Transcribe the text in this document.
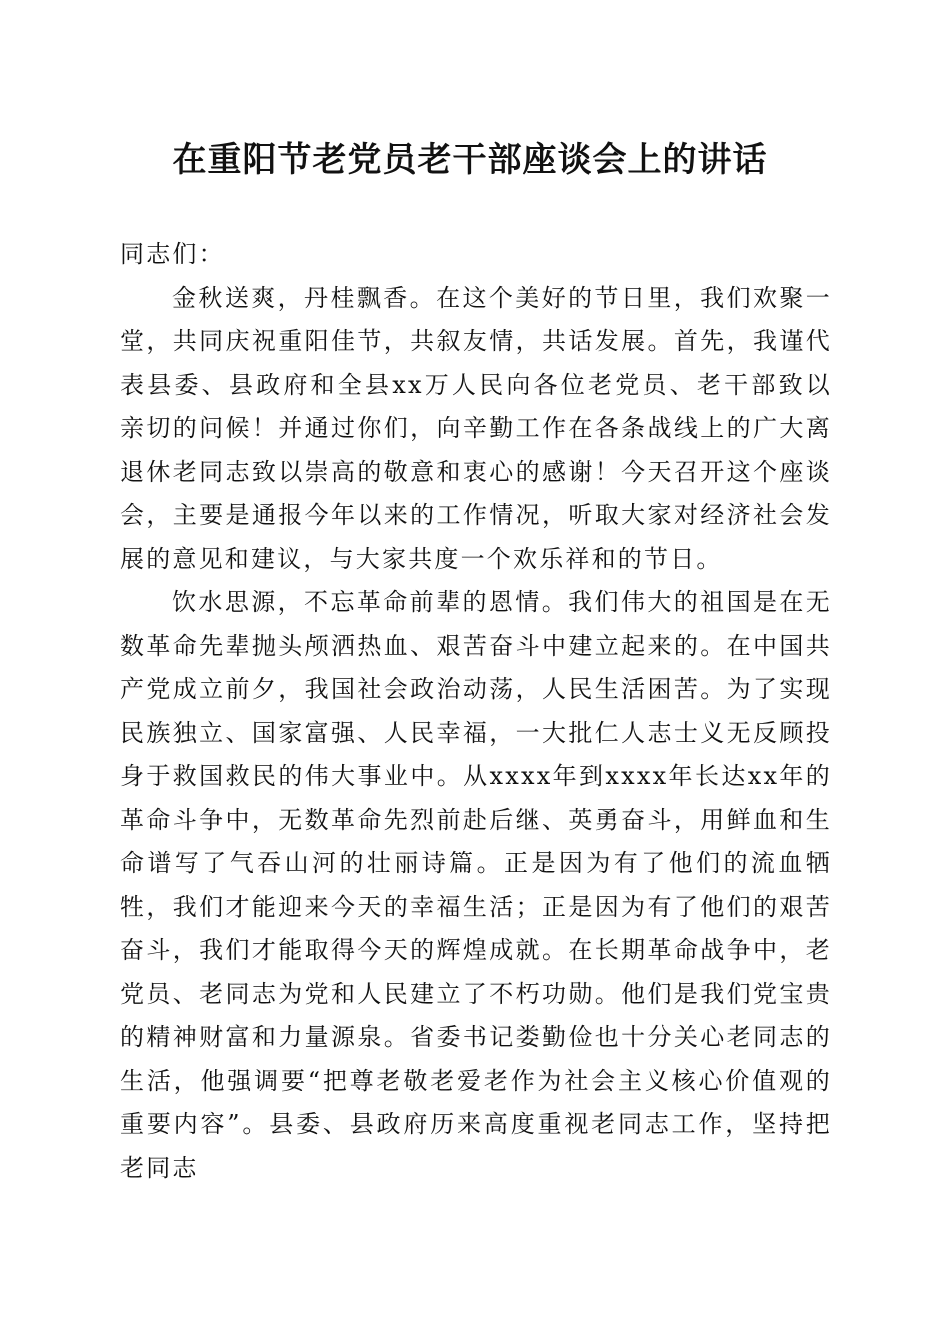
在重阳节老党员老干部座谈会上的讲话

同志们：

金秋送爽，丹桂飘香。在这个美好的节日里，我们欢聚一堂，共同庆祝重阳佳节，共叙友情，共话发展。首先，我谨代表县委、县政府和全县xx万人民向各位老党员、老干部致以亲切的问候！并通过你们，向辛勤工作在各条战线上的广大离退休老同志致以崇高的敬意和衷心的感谢！今天召开这个座谈会，主要是通报今年以来的工作情况，听取大家对经济社会发展的意见和建议，与大家共度一个欢乐祥和的节日。

饮水思源，不忘革命前辈的恩情。我们伟大的祖国是在无数革命先辈抛头颅洒热血、艰苦奋斗中建立起来的。在中国共产党成立前夕，我国社会政治动荡，人民生活困苦。为了实现民族独立、国家富强、人民幸福，一大批仁人志士义无反顾投身于救国救民的伟大事业中。从xxxx年到xxxx年长达xx年的革命斗争中，无数革命先烈前赴后继、英勇奋斗，用鲜血和生命谱写了气吞山河的壮丽诗篇。正是因为有了他们的流血牺牲，我们才能迎来今天的幸福生活；正是因为有了他们的艰苦奋斗，我们才能取得今天的辉煌成就。在长期革命战争中，老党员、老同志为党和人民建立了不朽功勋。他们是我们党宝贵的精神财富和力量源泉。省委书记娄勤俭也十分关心老同志的生活，他强调要“把尊老敬老爱老作为社会主义核心价值观的重要内容”。县委、县政府历来高度重视老同志工作，坚持把老同志
